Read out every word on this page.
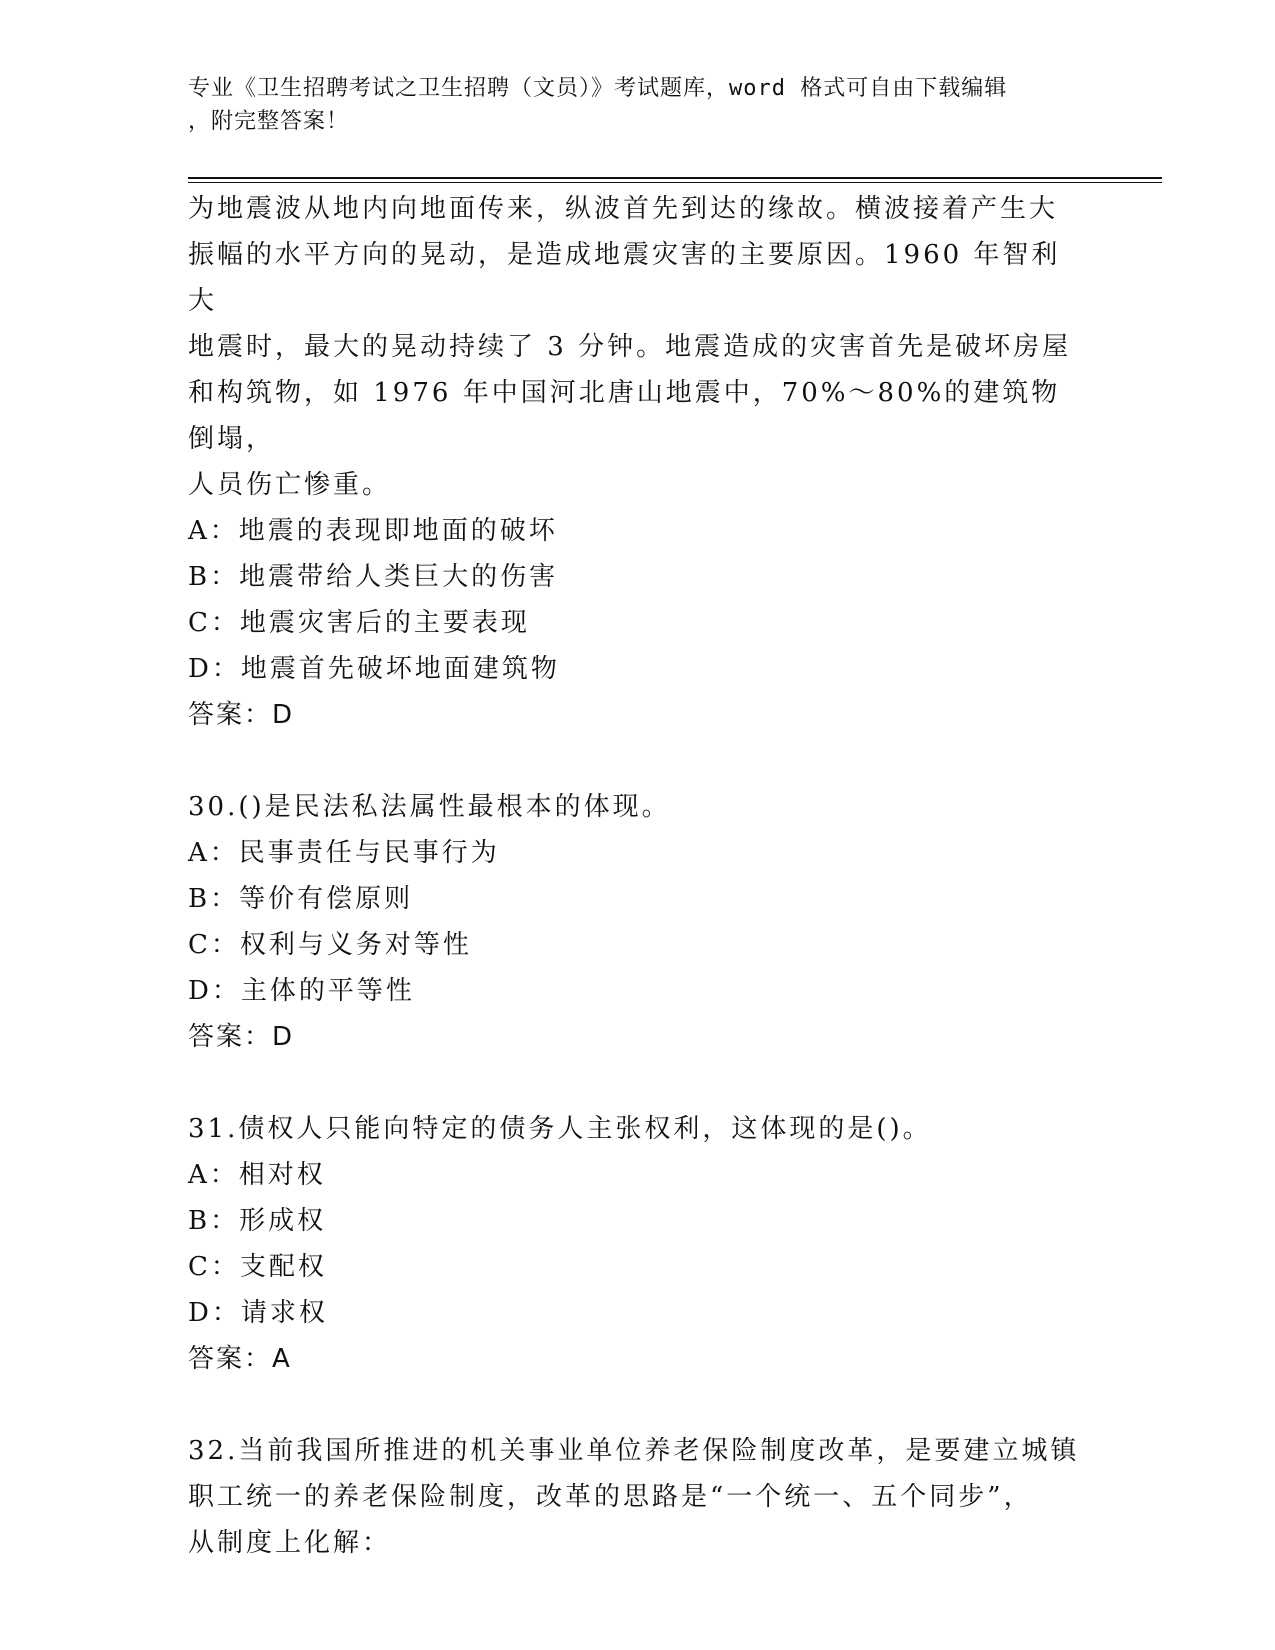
专业《卫生招聘考试之卫生招聘（文员）》考试题库，word 格式可自由下载编辑
，附完整答案！
为地震波从地内向地面传来，纵波首先到达的缘故。横波接着产生大
振幅的水平方向的晃动，是造成地震灾害的主要原因。1960 年智利大
地震时，最大的晃动持续了 3 分钟。地震造成的灾害首先是破坏房屋
和构筑物，如 1976 年中国河北唐山地震中，70%～80%的建筑物倒塌，
人员伤亡惨重。
A：地震的表现即地面的破坏
B：地震带给人类巨大的伤害
C：地震灾害后的主要表现
D：地震首先破坏地面建筑物
答案：D
30.()是民法私法属性最根本的体现。
A：民事责任与民事行为
B：等价有偿原则
C：权利与义务对等性
D：主体的平等性
答案：D
31.债权人只能向特定的债务人主张权利，这体现的是()。
A：相对权
B：形成权
C：支配权
D：请求权
答案：A
32.当前我国所推进的机关事业单位养老保险制度改革，是要建立城镇
职工统一的养老保险制度，改革的思路是“一个统一、五个同步”，
从制度上化解：
